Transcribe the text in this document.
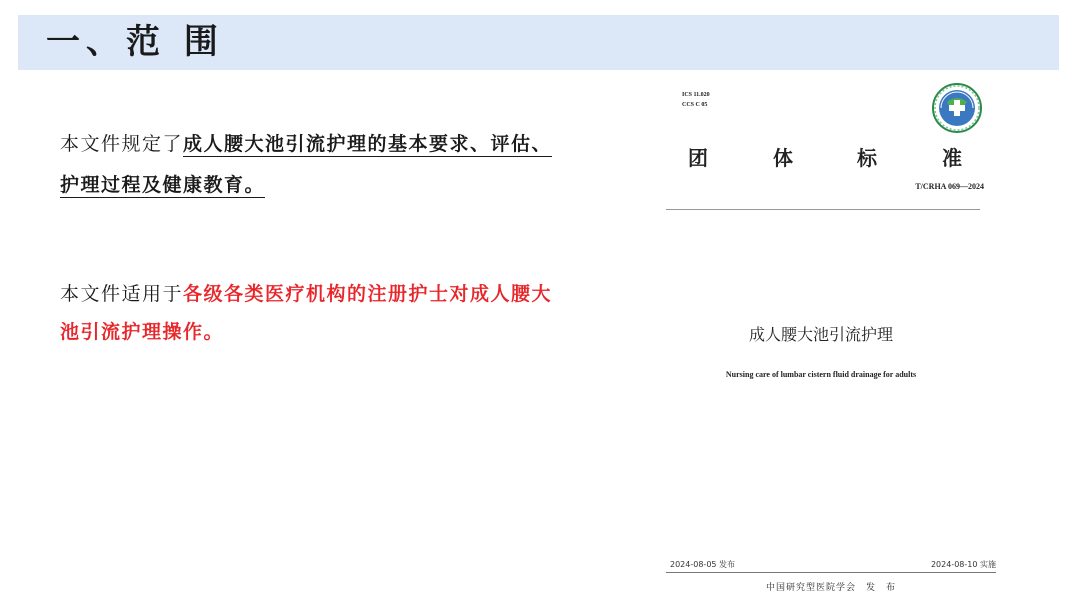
一、范 围
本文件规定了成人腰大池引流护理的基本要求、评估、
护理过程及健康教育。
本文件适用于各级各类医疗机构的注册护士对成人腰大
池引流护理操作。
ICS 11.020
CCS C 05
团	体	标	准
T/CRHA 069—2024
成人腰大池引流护理
Nursing care of lumbar cistern fluid drainage for adults
2024-08-05 发布	2024-08-10 实施
中国研究型医院学会　发　布
